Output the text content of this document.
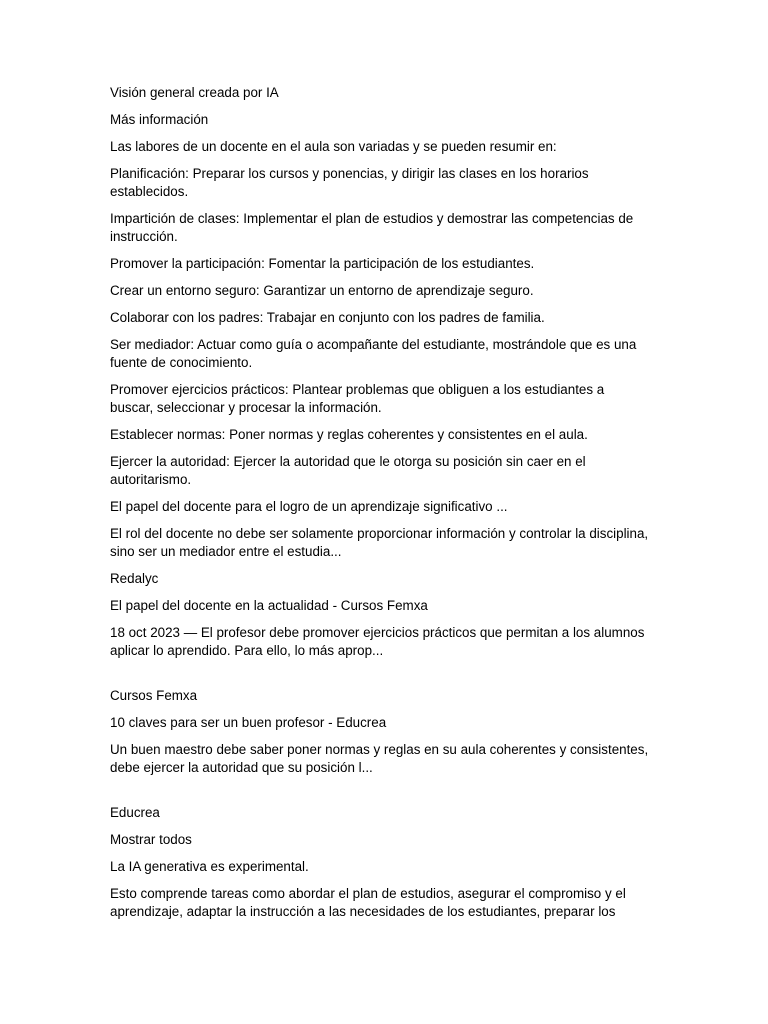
Visión general creada por IA

Más información

Las labores de un docente en el aula son variadas y se pueden resumir en:

Planificación: Preparar los cursos y ponencias, y dirigir las clases en los horarios establecidos.

Impartición de clases: Implementar el plan de estudios y demostrar las competencias de instrucción.

Promover la participación: Fomentar la participación de los estudiantes.

Crear un entorno seguro: Garantizar un entorno de aprendizaje seguro.

Colaborar con los padres: Trabajar en conjunto con los padres de familia.

Ser mediador: Actuar como guía o acompañante del estudiante, mostrándole que es una fuente de conocimiento.

Promover ejercicios prácticos: Plantear problemas que obliguen a los estudiantes a buscar, seleccionar y procesar la información.

Establecer normas: Poner normas y reglas coherentes y consistentes en el aula.

Ejercer la autoridad: Ejercer la autoridad que le otorga su posición sin caer en el autoritarismo.

El papel del docente para el logro de un aprendizaje significativo ...

El rol del docente no debe ser solamente proporcionar información y controlar la disciplina, sino ser un mediador entre el estudia...

Redalyc

El papel del docente en la actualidad - Cursos Femxa

18 oct 2023 — El profesor debe promover ejercicios prácticos que permitan a los alumnos aplicar lo aprendido. Para ello, lo más aprop...

Cursos Femxa

10 claves para ser un buen profesor - Educrea

Un buen maestro debe saber poner normas y reglas en su aula coherentes y consistentes, debe ejercer la autoridad que su posición l...

Educrea

Mostrar todos

La IA generativa es experimental.

Esto comprende tareas como abordar el plan de estudios, asegurar el compromiso y el aprendizaje, adaptar la instrucción a las necesidades de los estudiantes, preparar los
